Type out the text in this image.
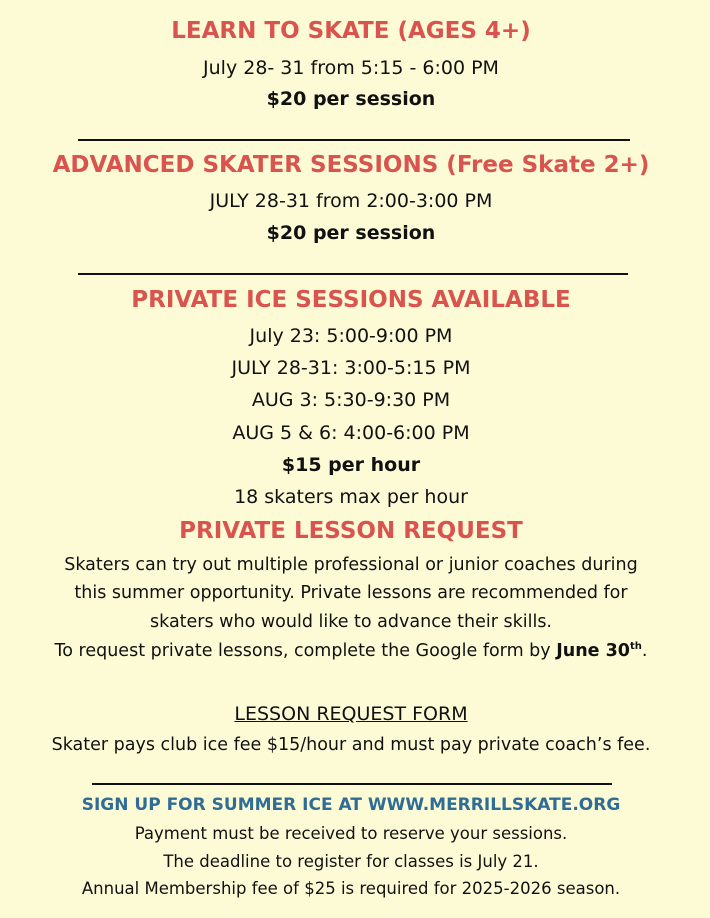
LEARN TO SKATE (AGES 4+)

July 28- 31 from 5:15 - 6:00 PM

$20 per session

ADVANCED SKATER SESSIONS (Free Skate 2+)

JULY 28-31 from 2:00-3:00 PM

$20 per session

PRIVATE ICE SESSIONS AVAILABLE

July 23: 5:00-9:00 PM

JULY 28-31: 3:00-5:15 PM

AUG 3: 5:30-9:30 PM

AUG 5 & 6: 4:00-6:00 PM

$15 per hour

18 skaters max per hour

PRIVATE LESSON REQUEST

Skaters can try out multiple professional or junior coaches during

this summer opportunity. Private lessons are recommended for

skaters who would like to advance their skills.

To request private lessons, complete the Google form by June 30th.

LESSON REQUEST FORM

Skater pays club ice fee $15/hour and must pay private coach’s fee.

SIGN UP FOR SUMMER ICE AT WWW.MERRILLSKATE.ORG

Payment must be received to reserve your sessions.

The deadline to register for classes is July 21.

Annual Membership fee of $25 is required for 2025-2026 season.
